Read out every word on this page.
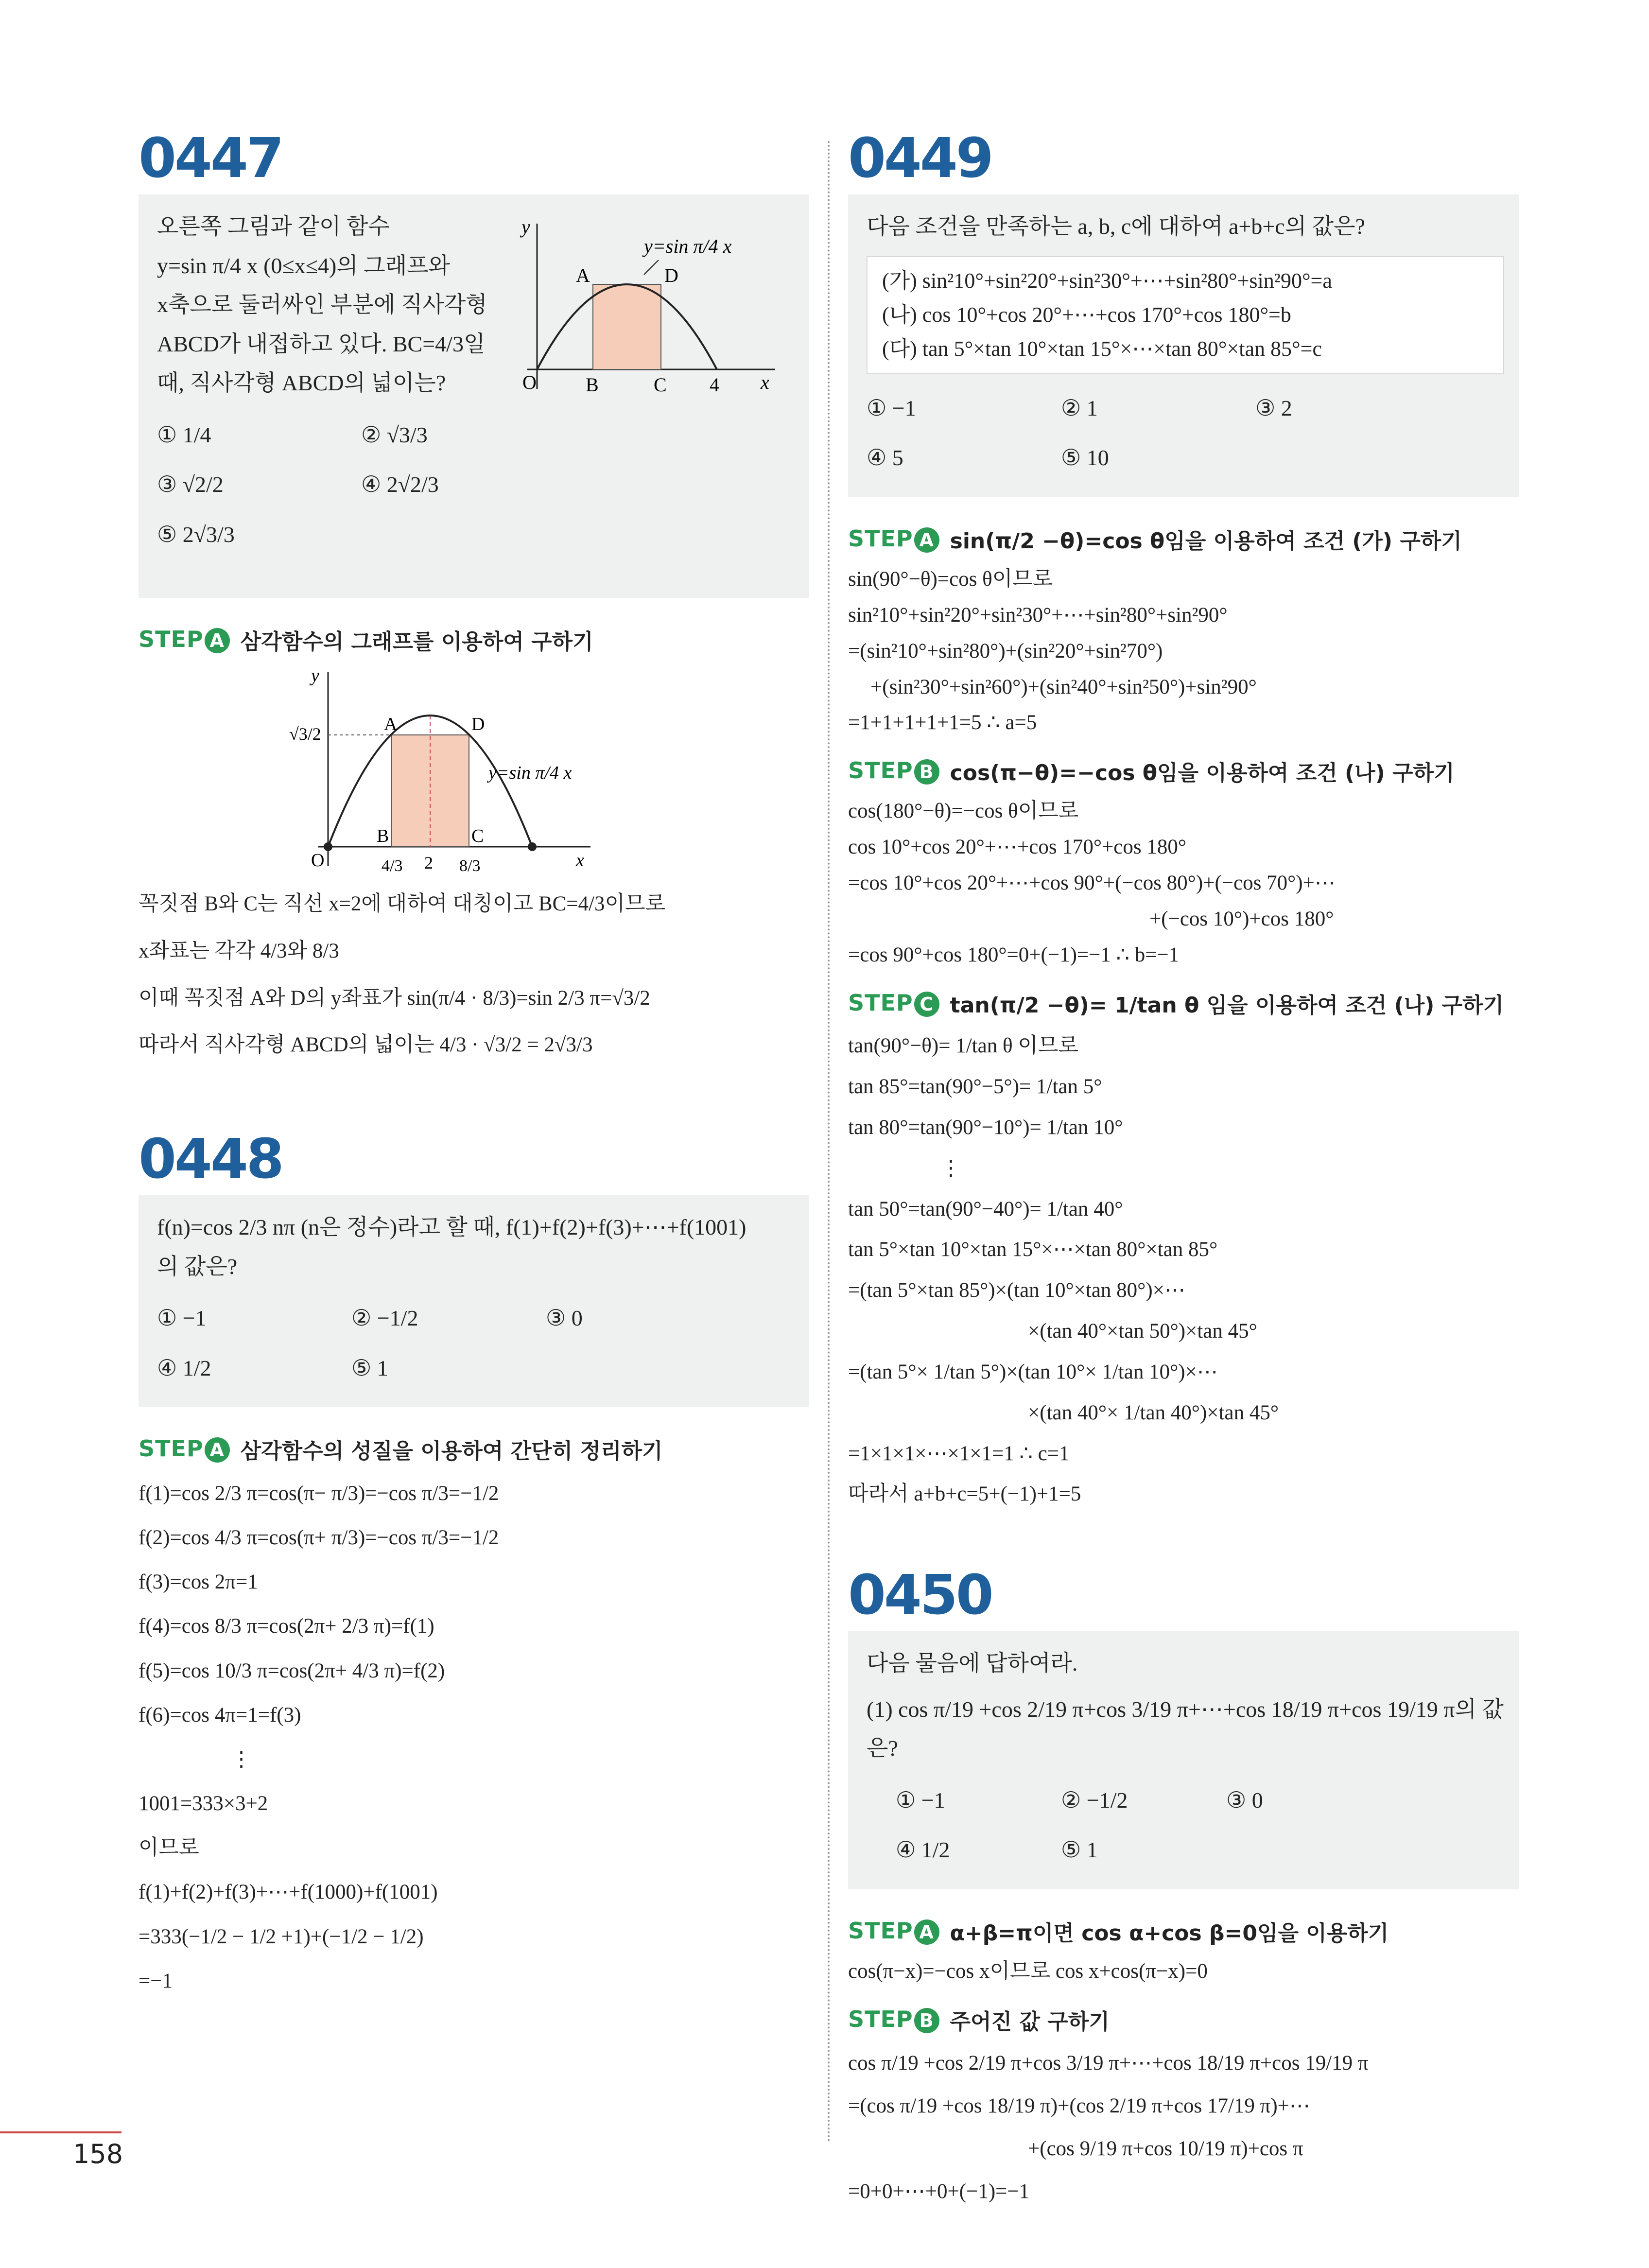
0447

오른쪽 그림과 같이 함수

y=sin π/4 x (0≤x≤4)의 그래프와

x축으로 둘러싸인 부분에 직사각형

ABCD가 내접하고 있다. BC=4/3일

때, 직사각형 ABCD의 넓이는?

① 1/4	② √3/3
③ √2/2	④ 2√2/3
⑤ 2√3/3
y
y=sin π/4 x
A	D
O	B	C 4 x
STEP A 삼각함수의 그래프를 이용하여 구하기
y
√3/2	A	D
y=sin π/4 x
B	C
O	4/3 2 8/3	x

꼭짓점 B와 C는 직선 x=2에 대하여 대칭이고 BC=4/3이므로

x좌표는 각각 4/3와 8/3

이때 꼭짓점 A와 D의 y좌표가 sin(π/4 · 8/3)=sin 2/3 π=√3/2

따라서 직사각형 ABCD의 넓이는 4/3 · √3/2 = 2√3/3

0448

f(n)=cos 2/3 nπ (n은 정수)라고 할 때, f(1)+f(2)+f(3)+⋯+f(1001)

의 값은?

① −1	② −1/2	③ 0
④ 1/2	⑤ 1
STEP A 삼각함수의 성질을 이용하여 간단히 정리하기

f(1)=cos 2/3 π=cos(π− π/3)=−cos π/3=−1/2

f(2)=cos 4/3 π=cos(π+ π/3)=−cos π/3=−1/2

f(3)=cos 2π=1

f(4)=cos 8/3 π=cos(2π+ 2/3 π)=f(1)

f(5)=cos 10/3 π=cos(2π+ 4/3 π)=f(2)

f(6)=cos 4π=1=f(3)

⋮

1001=333×3+2

이므로

f(1)+f(2)+f(3)+⋯+f(1000)+f(1001)

=333(−1/2 − 1/2 +1)+(−1/2 − 1/2)

=−1

0449

다음 조건을 만족하는 a, b, c에 대하여 a+b+c의 값은?

(가) sin²10°+sin²20°+sin²30°+⋯+sin²80°+sin²90°=a

(나) cos 10°+cos 20°+⋯+cos 170°+cos 180°=b

(다) tan 5°×tan 10°×tan 15°×⋯×tan 80°×tan 85°=c

① −1	② 1	③ 2
④ 5	⑤ 10
STEP A sin(π/2 −θ)=cos θ임을 이용하여 조건 (가) 구하기

sin(90°−θ)=cos θ이므로

sin²10°+sin²20°+sin²30°+⋯+sin²80°+sin²90°

=(sin²10°+sin²80°)+(sin²20°+sin²70°)

+(sin²30°+sin²60°)+(sin²40°+sin²50°)+sin²90°

=1+1+1+1+1=5 ∴ a=5

STEP B cos(π−θ)=−cos θ임을 이용하여 조건 (나) 구하기

cos(180°−θ)=−cos θ이므로

cos 10°+cos 20°+⋯+cos 170°+cos 180°

=cos 10°+cos 20°+⋯+cos 90°+(−cos 80°)+(−cos 70°)+⋯

+(−cos 10°)+cos 180°

=cos 90°+cos 180°=0+(−1)=−1 ∴ b=−1

STEP C tan(π/2 −θ)= 1/tan θ 임을 이용하여 조건 (나) 구하기

tan(90°−θ)= 1/tan θ 이므로

tan 85°=tan(90°−5°)= 1/tan 5°

tan 80°=tan(90°−10°)= 1/tan 10°

⋮

tan 50°=tan(90°−40°)= 1/tan 40°

tan 5°×tan 10°×tan 15°×⋯×tan 80°×tan 85°

=(tan 5°×tan 85°)×(tan 10°×tan 80°)×⋯

×(tan 40°×tan 50°)×tan 45°

=(tan 5°× 1/tan 5°)×(tan 10°× 1/tan 10°)×⋯

×(tan 40°× 1/tan 40°)×tan 45°

=1×1×1×⋯×1×1=1 ∴ c=1

따라서 a+b+c=5+(−1)+1=5

0450

다음 물음에 답하여라.

(1) cos π/19 +cos 2/19 π+cos 3/19 π+⋯+cos 18/19 π+cos 19/19 π의 값은?

① −1	② −1/2	③ 0
④ 1/2	⑤ 1
STEP A α+β=π이면 cos α+cos β=0임을 이용하기

cos(π−x)=−cos x이므로 cos x+cos(π−x)=0

STEP B 주어진 값 구하기

cos π/19 +cos 2/19 π+cos 3/19 π+⋯+cos 18/19 π+cos 19/19 π

=(cos π/19 +cos 18/19 π)+(cos 2/19 π+cos 17/19 π)+⋯

+(cos 9/19 π+cos 10/19 π)+cos π

=0+0+⋯+0+(−1)=−1

158
